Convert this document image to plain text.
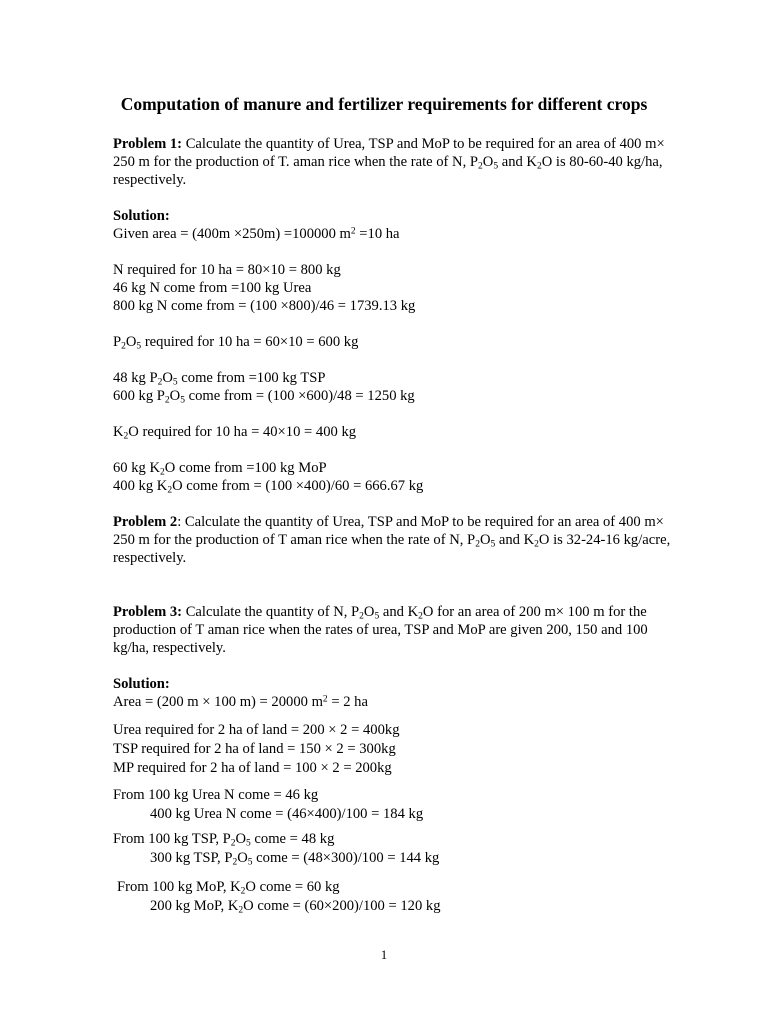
Computation of manure and fertilizer requirements for different crops

Problem 1: Calculate the quantity of Urea, TSP and MoP to be required for an area of 400 m× 250 m for the production of T. aman rice when the rate of N, $P_2O_5$ and $K_2O$ is 80-60-40 kg/ha, respectively.

Solution:

Given area = (400m ×250m) =100000 $m^2 =10$ ha

N required for 10 ha = 80×10 = 800 kg

46 kg N come from =100 kg Urea

800 kg N come from = (100 ×800)/46 = 1739.13 kg

$P_2O_5$ required for 10 ha = 60×10 = 600 kg

48 kg $P_2O_5$ come from =100 kg TSP

600 kg $P_2O_5$ come from = (100 ×600)/48 = 1250 kg

$K_2O$ required for 10 ha = 40×10 = 400 kg

60 kg $K_2O$ come from =100 kg MoP

400 kg $K_2O$ come from = (100 ×400)/60 = 666.67 kg

Problem 2: Calculate the quantity of Urea, TSP and MoP to be required for an area of 400 m× 250 m for the production of T aman rice when the rate of N, $P_2O_5$ and $K_2O$ is 32-24-16 kg/acre, respectively.

Problem 3: Calculate the quantity of N, $P_2O_5$ and $K_2O$ for an area of 200 m× 100 m for the production of T aman rice when the rates of urea, TSP and MoP are given 200, 150 and 100 kg/ha, respectively.

Solution:

Area = (200 m × 100 m) = 20000 $m^2 = 2$ ha

Urea required for 2 ha of land = 200 × 2 = 400kg

TSP required for 2 ha of land = 150 × 2 = 300kg

MP required for 2 ha of land = 100 × 2 = 200kg

From 100 kg Urea N come = 46 kg

400 kg Urea N come = (46×400)/100 = 184 kg

From 100 kg TSP, $P_2O_5$ come = 48 kg

300 kg TSP, $P_2O_5$ come = (48×300)/100 = 144 kg

From 100 kg MoP, $K_2O$ come = 60 kg

200 kg MoP, $K_2O$ come = (60×200)/100 = 120 kg

1
